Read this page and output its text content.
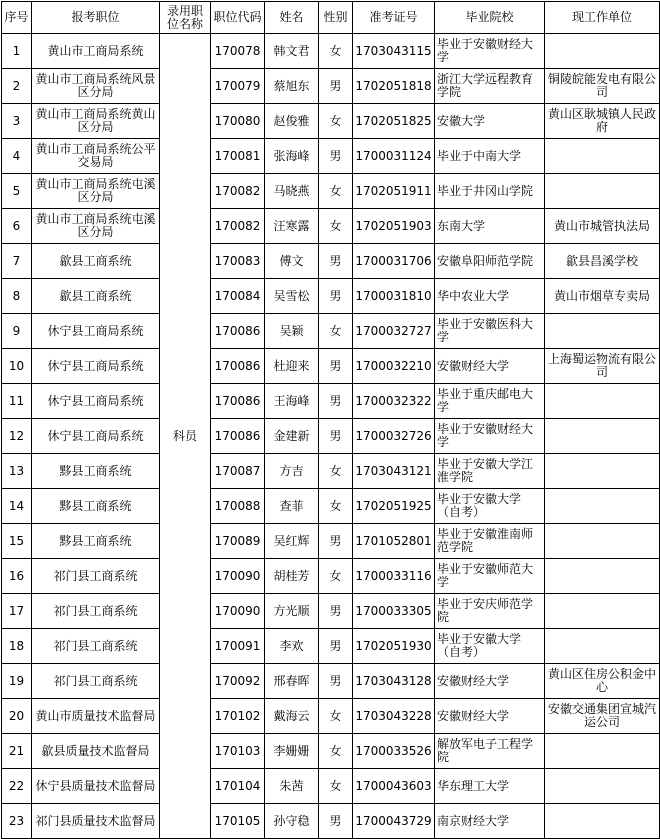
序号	报考职位	录用职位名称	职位代码	姓名	性别	准考证号	毕业院校	现工作单位
1	黄山市工商局系统	科员	170078	韩文君	女	1703043115	毕业于安徽财经大学	
2	黄山市工商局系统风景区分局		170079	蔡旭东	男	1702051818	浙江大学远程教育学院	铜陵皖能发电有限公司
3	黄山市工商局系统黄山区分局		170080	赵俊雅	女	1702051825	安徽大学	黄山区耿城镇人民政府
4	黄山市工商局系统公平交易局		170081	张海峰	男	1700031124	毕业于中南大学	
5	黄山市工商局系统屯溪区分局		170082	马晓燕	女	1702051911	毕业于井冈山学院	
6	黄山市工商局系统屯溪区分局		170082	汪寒露	女	1702051903	东南大学	黄山市城管执法局
7	歙县工商系统		170083	傅文	男	1700031706	安徽阜阳师范学院	歙县昌溪学校
8	歙县工商系统		170084	吴雪松	男	1700031810	华中农业大学	黄山市烟草专卖局
9	休宁县工商局系统		170086	吴颖	女	1700032727	毕业于安徽医科大学	
10	休宁县工商局系统		170086	杜迎来	男	1700032210	安徽财经大学	上海蜀运物流有限公司
11	休宁县工商局系统		170086	王海峰	男	1700032322	毕业于重庆邮电大学	
12	休宁县工商局系统		170086	金建新	男	1700032726	毕业于安徽财经大学	
13	黟县工商系统		170087	方吉	女	1703043121	毕业于安徽大学江淮学院	
14	黟县工商系统		170088	查菲	女	1702051925	毕业于安徽大学（自考）	
15	黟县工商系统		170089	吴红辉	男	1701052801	毕业于安徽淮南师范学院	
16	祁门县工商系统		170090	胡桂芳	女	1700033116	毕业于安徽师范大学	
17	祁门县工商系统		170090	方光顺	男	1700033305	毕业于安庆师范学院	
18	祁门县工商系统		170091	李欢	男	1702051930	毕业于安徽大学（自考）	
19	祁门县工商系统		170092	邢春晖	男	1703043128	安徽财经大学	黄山区住房公积金中心
20	黄山市质量技术监督局		170102	戴海云	女	1703043228	安徽财经大学	安徽交通集团宣城汽运公司
21	歙县质量技术监督局		170103	李姗姗	女	1700033526	解放军电子工程学院	
22	休宁县质量技术监督局		170104	朱茜	女	1700043603	华东理工大学	
23	祁门县质量技术监督局		170105	孙守稳	男	1700043729	南京财经大学	
